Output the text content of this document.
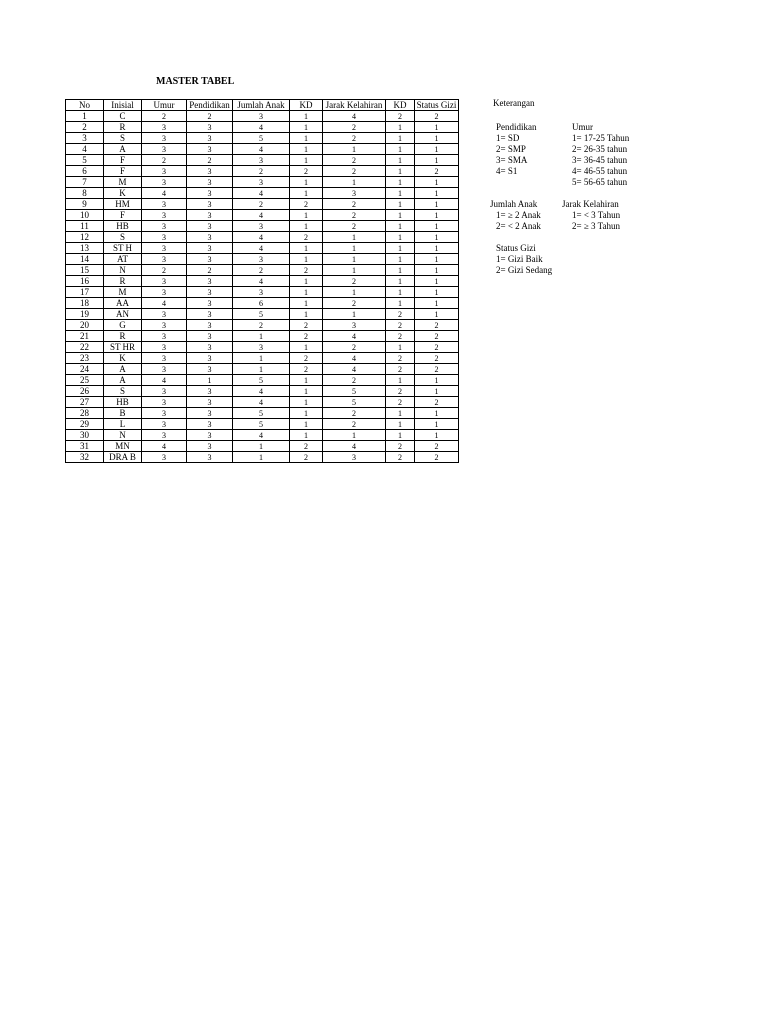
MASTER TABEL
No	Inisial	Umur	Pendidikan	Jumlah Anak	KD	Jarak Kelahiran	KD	Status Gizi
1	C	2	2	3	1	4	2	2
2	R	3	3	4	1	2	1	1
3	S	3	3	5	1	2	1	1
4	A	3	3	4	1	1	1	1
5	F	2	2	3	1	2	1	1
6	F	3	3	2	2	2	1	2
7	M	3	3	3	1	1	1	1
8	K	4	3	4	1	3	1	1
9	HM	3	3	2	2	2	1	1
10	F	3	3	4	1	2	1	1
11	HB	3	3	3	1	2	1	1
12	S	3	3	4	2	1	1	1
13	ST H	3	3	4	1	1	1	1
14	AT	3	3	3	1	1	1	1
15	N	2	2	2	2	1	1	1
16	R	3	3	4	1	2	1	1
17	M	3	3	3	1	1	1	1
18	AA	4	3	6	1	2	1	1
19	AN	3	3	5	1	1	2	1
20	G	3	3	2	2	3	2	2
21	R	3	3	1	2	4	2	2
22	ST HR	3	3	3	1	2	1	2
23	K	3	3	1	2	4	2	2
24	A	3	3	1	2	4	2	2
25	A	4	1	5	1	2	1	1
26	S	3	3	4	1	5	2	1
27	HB	3	3	4	1	5	2	2
28	B	3	3	5	1	2	1	1
29	L	3	3	5	1	2	1	1
30	N	3	3	4	1	1	1	1
31	MN	4	3	1	2	4	2	2
32	DRA B	3	3	1	2	3	2	2
Keterangan
Pendidikan
1= SD
2= SMP
3= SMA
4= S1
Umur
1= 17-25 Tahun
2= 26-35 tahun
3= 36-45 tahun
4= 46-55 tahun
5= 56-65 tahun
Jumlah Anak
1= ≥ 2 Anak
2= < 2 Anak
Jarak Kelahiran
1= < 3 Tahun
2= ≥ 3 Tahun
Status Gizi
1= Gizi Baik
2= Gizi Sedang
